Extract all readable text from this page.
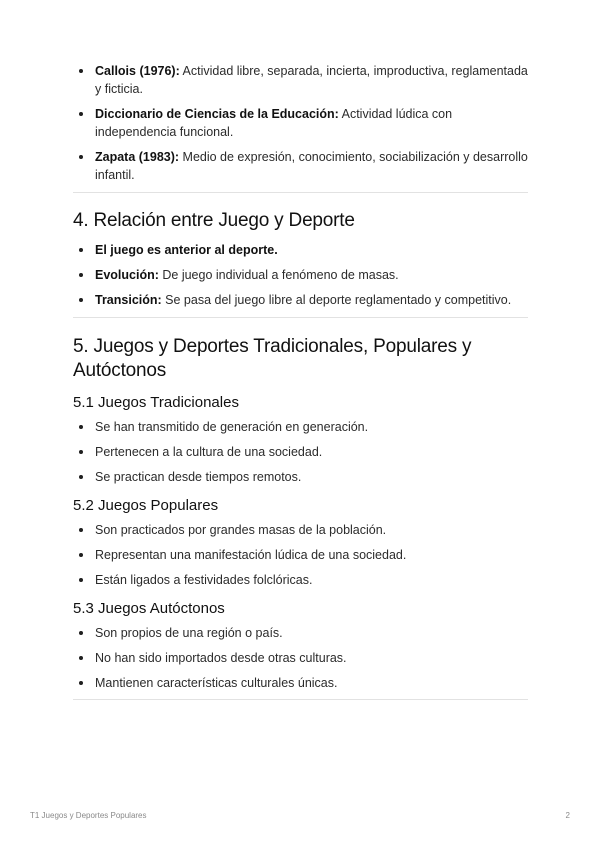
Callois (1976): Actividad libre, separada, incierta, improductiva, reglamentada y ficticia.
Diccionario de Ciencias de la Educación: Actividad lúdica con independencia funcional.
Zapata (1983): Medio de expresión, conocimiento, sociabilización y desarrollo infantil.
4. Relación entre Juego y Deporte
El juego es anterior al deporte.
Evolución: De juego individual a fenómeno de masas.
Transición: Se pasa del juego libre al deporte reglamentado y competitivo.
5. Juegos y Deportes Tradicionales, Populares y Autóctonos
5.1 Juegos Tradicionales
Se han transmitido de generación en generación.
Pertenecen a la cultura de una sociedad.
Se practican desde tiempos remotos.
5.2 Juegos Populares
Son practicados por grandes masas de la población.
Representan una manifestación lúdica de una sociedad.
Están ligados a festividades folclóricas.
5.3 Juegos Autóctonos
Son propios de una región o país.
No han sido importados desde otras culturas.
Mantienen características culturales únicas.
T1 Juegos y Deportes Populares	2
